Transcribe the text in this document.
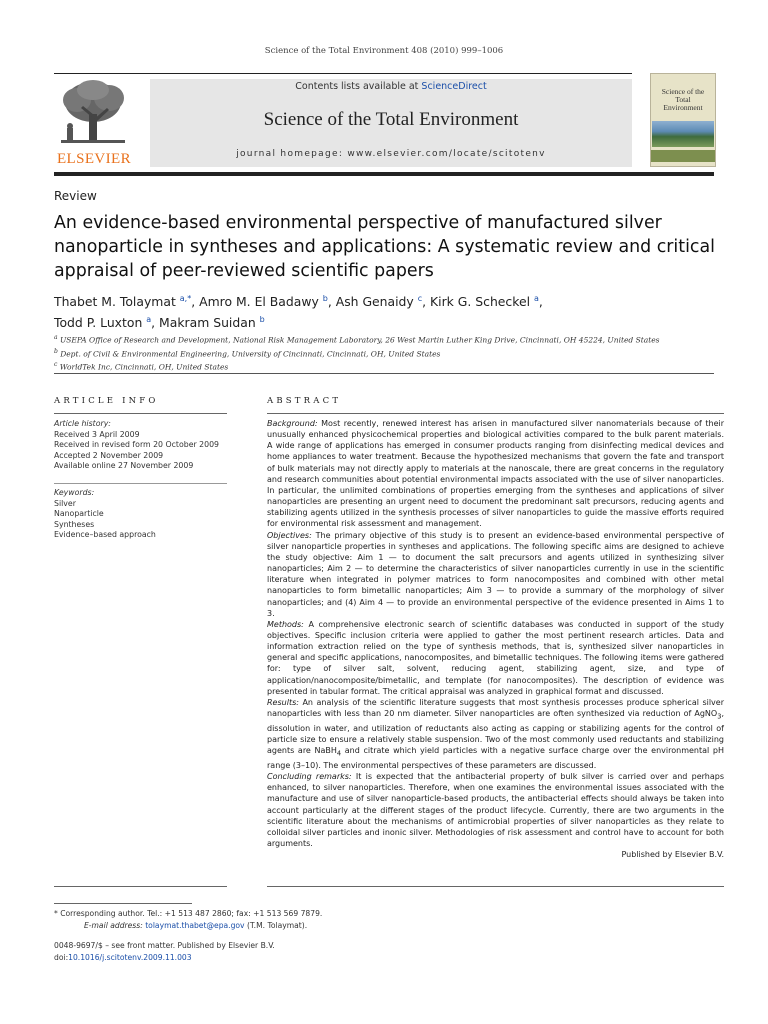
Science of the Total Environment 408 (2010) 999–1006
ELSEVIER
Contents lists available at ScienceDirect
Science of the Total Environment
journal homepage: www.elsevier.com/locate/scitotenv
Science of the Total Environment
Review
An evidence-based environmental perspective of manufactured silver nanoparticle in syntheses and applications: A systematic review and critical appraisal of peer-reviewed scientific papers
Thabet M. Tolaymat $^{a,*}$, Amro M. El Badawy $^b$, Ash Genaidy $^c$, Kirk G. Scheckel $^a$,
Todd P. Luxton $^a$, Makram Suidan $^b$
$^a$ USEPA Office of Research and Development, National Risk Management Laboratory, 26 West Martin Luther King Drive, Cincinnati, OH 45224, United States
$^b$ Dept. of Civil & Environmental Engineering, University of Cincinnati, Cincinnati, OH, United States
$^c$ WorldTek Inc, Cincinnati, OH, United States
ARTICLE INFO	ABSTRACT
Article history:
Received 3 April 2009
Received in revised form 20 October 2009
Accepted 2 November 2009
Available online 27 November 2009
Keywords:
Silver
Nanoparticle
Syntheses
Evidence–based approach

Background: Most recently, renewed interest has arisen in manufactured silver nanomaterials because of their unusually enhanced physicochemical properties and biological activities compared to the bulk parent materials. A wide range of applications has emerged in consumer products ranging from disinfecting medical devices and home appliances to water treatment. Because the hypothesized mechanisms that govern the fate and transport of bulk materials may not directly apply to materials at the nanoscale, there are great concerns in the regulatory and research communities about potential environmental impacts associated with the use of silver nanoparticles. In particular, the unlimited combinations of properties emerging from the syntheses and applications of silver nanoparticles are presenting an urgent need to document the predominant salt precursors, reducing agents and stabilizing agents utilized in the synthesis processes of silver nanoparticles to guide the massive efforts required for environmental risk assessment and management.

Objectives: The primary objective of this study is to present an evidence-based environmental perspective of silver nanoparticle properties in syntheses and applications. The following specific aims are designed to achieve the study objective: Aim 1 — to document the salt precursors and agents utilized in synthesizing silver nanoparticles; Aim 2 — to determine the characteristics of silver nanoparticles currently in use in the scientific literature when integrated in polymer matrices to form nanocomposites and combined with other metal nanoparticles to form bimetallic nanoparticles; Aim 3 — to provide a summary of the morphology of silver nanoparticles; and (4) Aim 4 — to provide an environmental perspective of the evidence presented in Aims 1 to 3.

Methods: A comprehensive electronic search of scientific databases was conducted in support of the study objectives. Specific inclusion criteria were applied to gather the most pertinent research articles. Data and information extraction relied on the type of synthesis methods, that is, synthesized silver nanoparticles in general and specific applications, nanocomposites, and bimetallic techniques. The following items were gathered for: type of silver salt, solvent, reducing agent, stabilizing agent, size, and type of application/nanocomposite/bimetallic, and template (for nanocomposites). The description of evidence was presented in tabular format. The critical appraisal was analyzed in graphical format and discussed.

Results: An analysis of the scientific literature suggests that most synthesis processes produce spherical silver nanoparticles with less than 20 nm diameter. Silver nanoparticles are often synthesized via reduction of AgNO$_3$, dissolution in water, and utilization of reductants also acting as capping or stabilizing agents for the control of particle size to ensure a relatively stable suspension. Two of the most commonly used reductants and stabilizing agents are NaBH$_4$ and citrate which yield particles with a negative surface charge over the environmental pH range (3–10). The environmental perspectives of these parameters are discussed.

Concluding remarks: It is expected that the antibacterial property of bulk silver is carried over and perhaps enhanced, to silver nanoparticles. Therefore, when one examines the environmental issues associated with the manufacture and use of silver nanoparticle-based products, the antibacterial effects should always be taken into account particularly at the different stages of the product lifecycle. Currently, there are two arguments in the scientific literature about the mechanisms of antimicrobial properties of silver nanoparticles as they relate to colloidal silver particles and inonic silver. Methodologies of risk assessment and control have to account for both arguments.

Published by Elsevier B.V.

* Corresponding author. Tel.: +1 513 487 2860; fax: +1 513 569 7879.
E-mail address: tolaymat.thabet@epa.gov (T.M. Tolaymat).
0048-9697/$ – see front matter. Published by Elsevier B.V.
doi:10.1016/j.scitotenv.2009.11.003
